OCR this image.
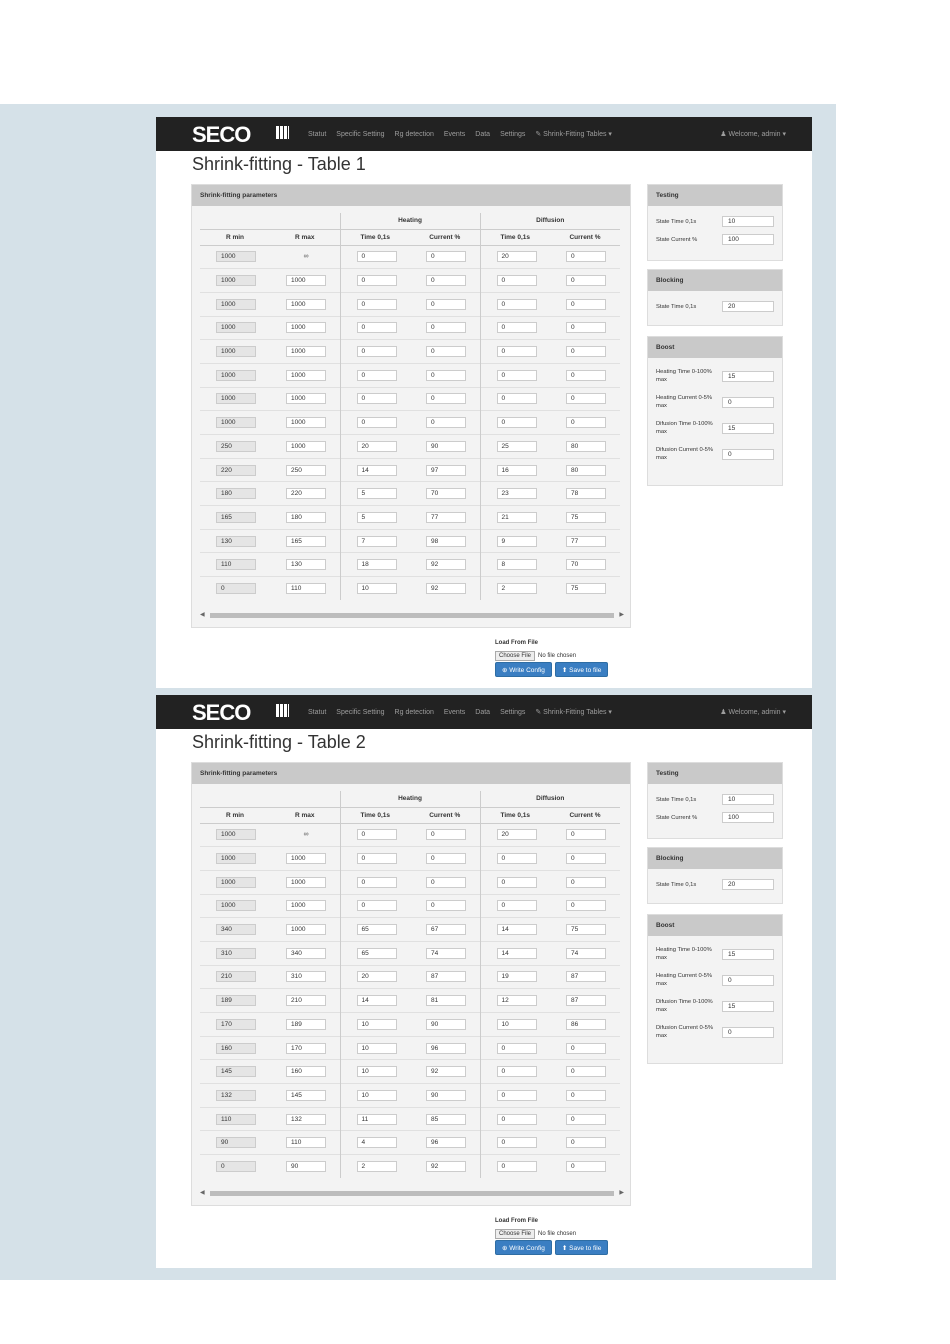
SECO	Statut Specific Setting Rg detection Events Data Settings ✎ Shrink-Fitting Tables ▾	♟ Welcome, admin ▾
Shrink-fitting - Table 1
Shrink-fitting parameters
		Heating		Diffusion	
R min	R max	Time 0,1s	Current %	Time 0,1s	Current %
1000	∞	0	0	20	0
1000	1000	0	0	0	0
1000	1000	0	0	0	0
1000	1000	0	0	0	0
1000	1000	0	0	0	0
1000	1000	0	0	0	0
1000	1000	0	0	0	0
1000	1000	0	0	0	0
250	1000	20	90	25	80
220	250	14	97	16	80
180	220	5	70	23	78
165	180	5	77	21	75
130	165	7	98	9	77
110	130	18	92	8	70
0	110	10	92	2	75
◀	▶
Testing
State Time 0,1s	10
State Current %	100
Blocking
State Time 0,1s	20
Boost
Heating Time 0-100% max
15
Heating Current 0-5% max
0
Difusion Time 0-100% max
15
Difusion Current 0-5% max
0
Load From File
Choose File	No file chosen
⊕ Write Config	⬆ Save to file
SECO	Statut Specific Setting Rg detection Events Data Settings ✎ Shrink-Fitting Tables ▾	♟ Welcome, admin ▾
Shrink-fitting - Table 2
Shrink-fitting parameters
		Heating		Diffusion	
R min	R max	Time 0,1s	Current %	Time 0,1s	Current %
1000	∞	0	0	20	0
1000	1000	0	0	0	0
1000	1000	0	0	0	0
1000	1000	0	0	0	0
340	1000	65	67	14	75
310	340	65	74	14	74
210	310	20	87	19	87
189	210	14	81	12	87
170	189	10	90	10	86
160	170	10	96	0	0
145	160	10	92	0	0
132	145	10	90	0	0
110	132	11	85	0	0
90	110	4	96	0	0
0	90	2	92	0	0
◀	▶
Testing
State Time 0,1s	10
State Current %	100
Blocking
State Time 0,1s	20
Boost
Heating Time 0-100% max
15
Heating Current 0-5% max
0
Difusion Time 0-100% max
15
Difusion Current 0-5% max
0
Load From File
Choose File	No file chosen
⊕ Write Config	⬆ Save to file
